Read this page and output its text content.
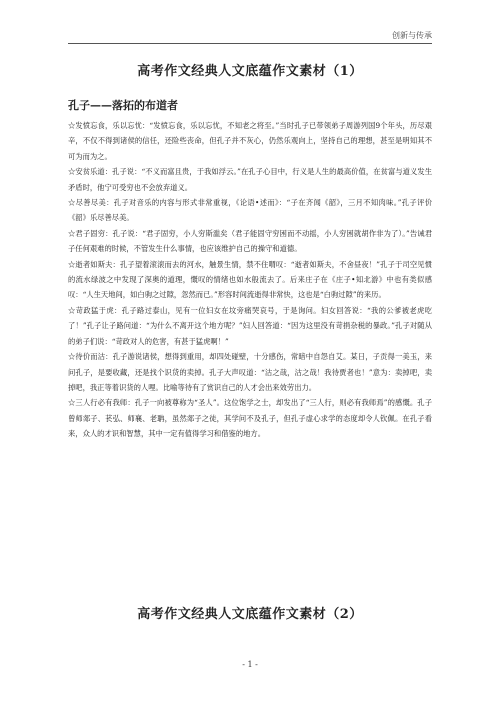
创新与传承
高考作文经典人文底蕴作文素材（1）
孔子——落拓的布道者

☆发愤忘食，乐以忘忧：“发愤忘食，乐以忘忧，不知老之将至。”当时孔子已带领弟子周游列国9个年头，历尽艰辛，不仅不得到诸侯的信任，还险些丧命，但孔子并不灰心，仍然乐观向上，坚持自己的理想，甚至是明知其不可为而为之。

☆安贫乐道：孔子说：“不义而富且贵，于我如浮云。”在孔子心目中，行义是人生的最高价值，在贫富与道义发生矛盾时，他宁可受穷也不会放弃道义。

☆尽善尽美：孔子对音乐的内容与形式非常重视，《论语•述而》：“子在齐闻《韶》，三月不知肉味。”孔子评价《韶》乐尽善尽美。

☆君子固穷：孔子说：“君子固穷，小人穷斯滥矣（君子能固守穷困而不动摇，小人穷困就胡作非为了）。”告诫君子任何艰难的时候，不管发生什么事情，也应该维护自己的操守和道德。

☆逝者如斯夫：孔子望着滚滚而去的河水，触景生情，禁不住喟叹：“逝者如斯夫，不舍昼夜！”孔子于司空见惯的流水绿波之中发现了深奥的道理，慨叹的情绪也如水般流去了。后来庄子在《庄子•知北游》中也有类似感叹：“人生天地间，如白驹之过隙，忽然而已。”形容时间流逝得非常快，这也是“白驹过隙”的来历。

☆苛政猛于虎：孔子路过泰山，见有一位妇女在坟旁痛哭哀号，于是询问。妇女回答说：“我的公爹被老虎吃了！”孔子让子路问道：“为什么不离开这个地方呢？”妇人回答道：“因为这里没有苛捐杂税的暴政。”孔子对随从的弟子们说：“苛政对人的危害，有甚于猛虎啊！”

☆待价而沽：孔子游说诸侯，想得到重用，却四处碰壁，十分感伤，常暗中自怨自艾。某日，子贡得一美玉，来问孔子，是要收藏，还是找个识货的卖掉。孔子大声叹道：“沽之哉，沽之哉！我待贾者也！”意为：卖掉吧，卖掉吧，我正等着识货的人哩。比喻等待有了赏识自己的人才会出来效劳出力。

☆三人行必有我师：孔子一向被尊称为“圣人”。这位饱学之士，却发出了“三人行，则必有我师焉”的感慨。孔子曾师郯子、苌弘、师襄、老聃，虽然郯子之徒，其学问不及孔子，但孔子虚心求学的态度却令人钦佩。在孔子看来，众人的才识和智慧，其中一定有值得学习和借鉴的地方。

高考作文经典人文底蕴作文素材（2）
- 1 -
